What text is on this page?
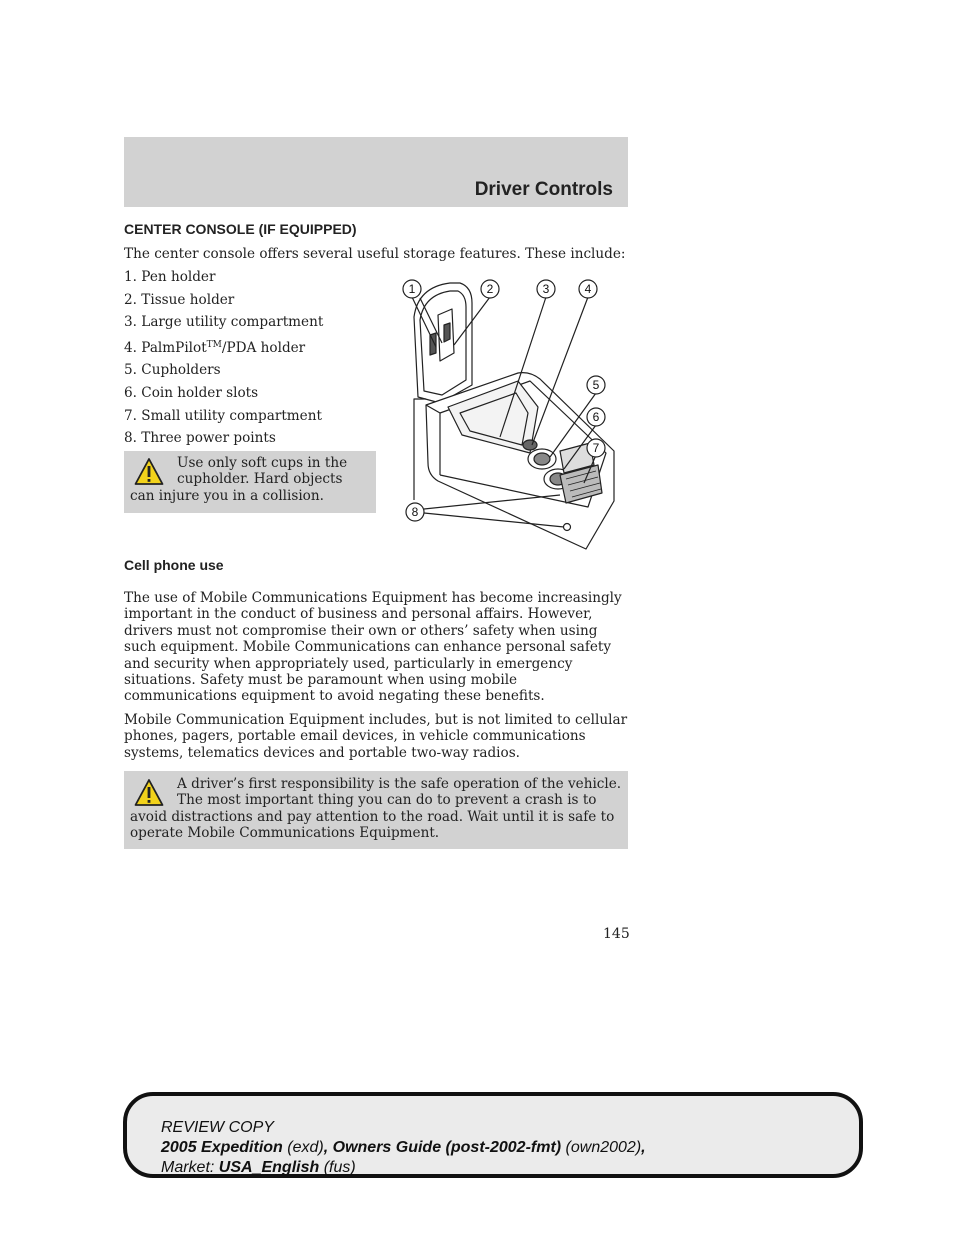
Driver Controls
CENTER CONSOLE (IF EQUIPPED)
The center console offers several useful storage features. These include:
1. Pen holder
2. Tissue holder
3. Large utility compartment
4. PalmPilot™/PDA holder
5. Cupholders
6. Coin holder slots
7. Small utility compartment
8. Three power points
Use only soft cups in the cupholder. Hard objects can injure you in a collision.
1	2	3	4
5
6
7
8
Cell phone use
The use of Mobile Communications Equipment has become increasingly important in the conduct of business and personal affairs. However, drivers must not compromise their own or others’ safety when using such equipment. Mobile Communications can enhance personal safety and security when appropriately used, particularly in emergency situations. Safety must be paramount when using mobile communications equipment to avoid negating these benefits.
Mobile Communication Equipment includes, but is not limited to cellular phones, pagers, portable email devices, in vehicle communications systems, telematics devices and portable two-way radios.
A driver’s first responsibility is the safe operation of the vehicle. The most important thing you can do to prevent a crash is to avoid distractions and pay attention to the road. Wait until it is safe to operate Mobile Communications Equipment.
145
REVIEW COPY
2005 Expedition (exd), Owners Guide (post-2002-fmt) (own2002),
Market: USA_English (fus)
